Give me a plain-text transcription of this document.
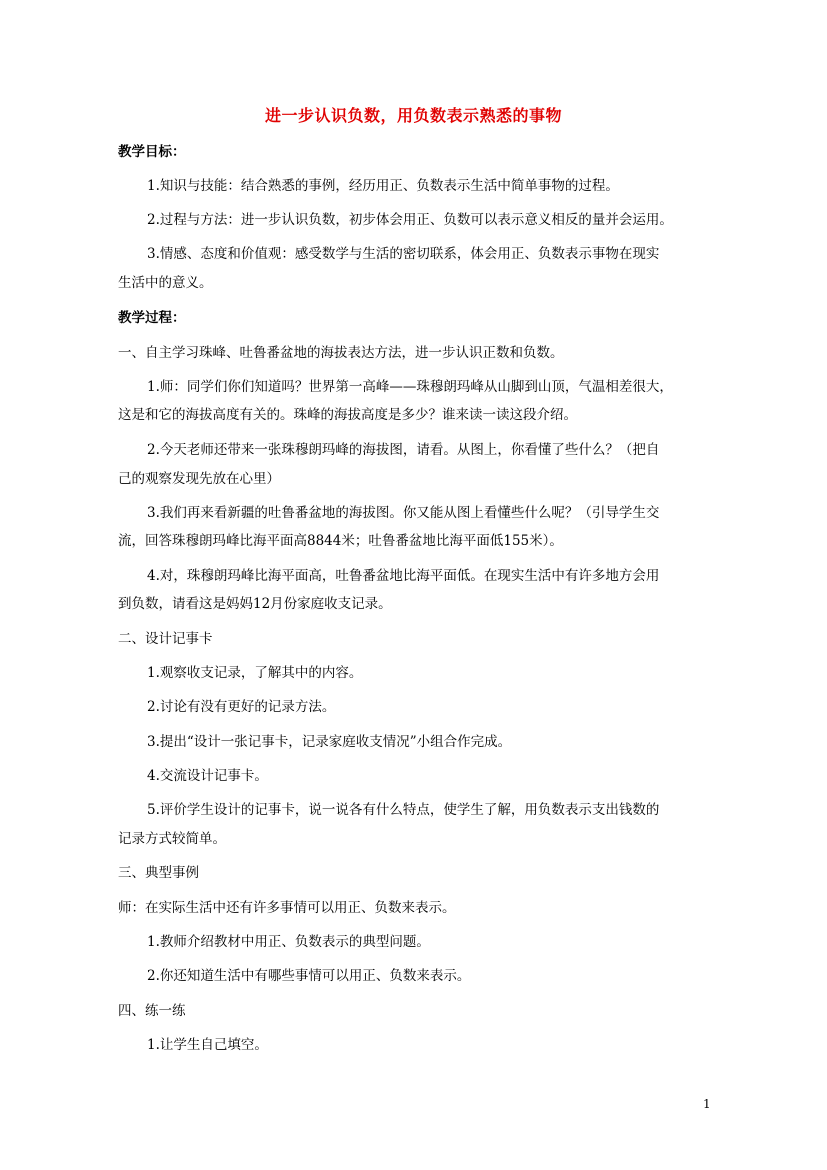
进一步认识负数，用负数表示熟悉的事物
教学目标：
1.知识与技能：结合熟悉的事例，经历用正、负数表示生活中简单事物的过程。
2.过程与方法：进一步认识负数，初步体会用正、负数可以表示意义相反的量并会运用。
3.情感、态度和价值观：感受数学与生活的密切联系，体会用正、负数表示事物在现实
生活中的意义。
教学过程：
一、自主学习珠峰、吐鲁番盆地的海拔表达方法，进一步认识正数和负数。
1.师：同学们你们知道吗？世界第一高峰——珠穆朗玛峰从山脚到山顶，气温相差很大，
这是和它的海拔高度有关的。珠峰的海拔高度是多少？谁来读一读这段介绍。
2.今天老师还带来一张珠穆朗玛峰的海拔图，请看。从图上，你看懂了些什么？（把自
己的观察发现先放在心里）
3.我们再来看新疆的吐鲁番盆地的海拔图。你又能从图上看懂些什么呢？（引导学生交
流，回答珠穆朗玛峰比海平面高8844米；吐鲁番盆地比海平面低155米）。
4.对，珠穆朗玛峰比海平面高，吐鲁番盆地比海平面低。在现实生活中有许多地方会用
到负数，请看这是妈妈12月份家庭收支记录。
二、设计记事卡
1.观察收支记录，了解其中的内容。
2.讨论有没有更好的记录方法。
3.提出“设计一张记事卡，记录家庭收支情况”小组合作完成。
4.交流设计记事卡。
5.评价学生设计的记事卡，说一说各有什么特点，使学生了解，用负数表示支出钱数的
记录方式较简单。
三、典型事例
师：在实际生活中还有许多事情可以用正、负数来表示。
1.教师介绍教材中用正、负数表示的典型问题。
2.你还知道生活中有哪些事情可以用正、负数来表示。
四、练一练
1.让学生自己填空。
1
